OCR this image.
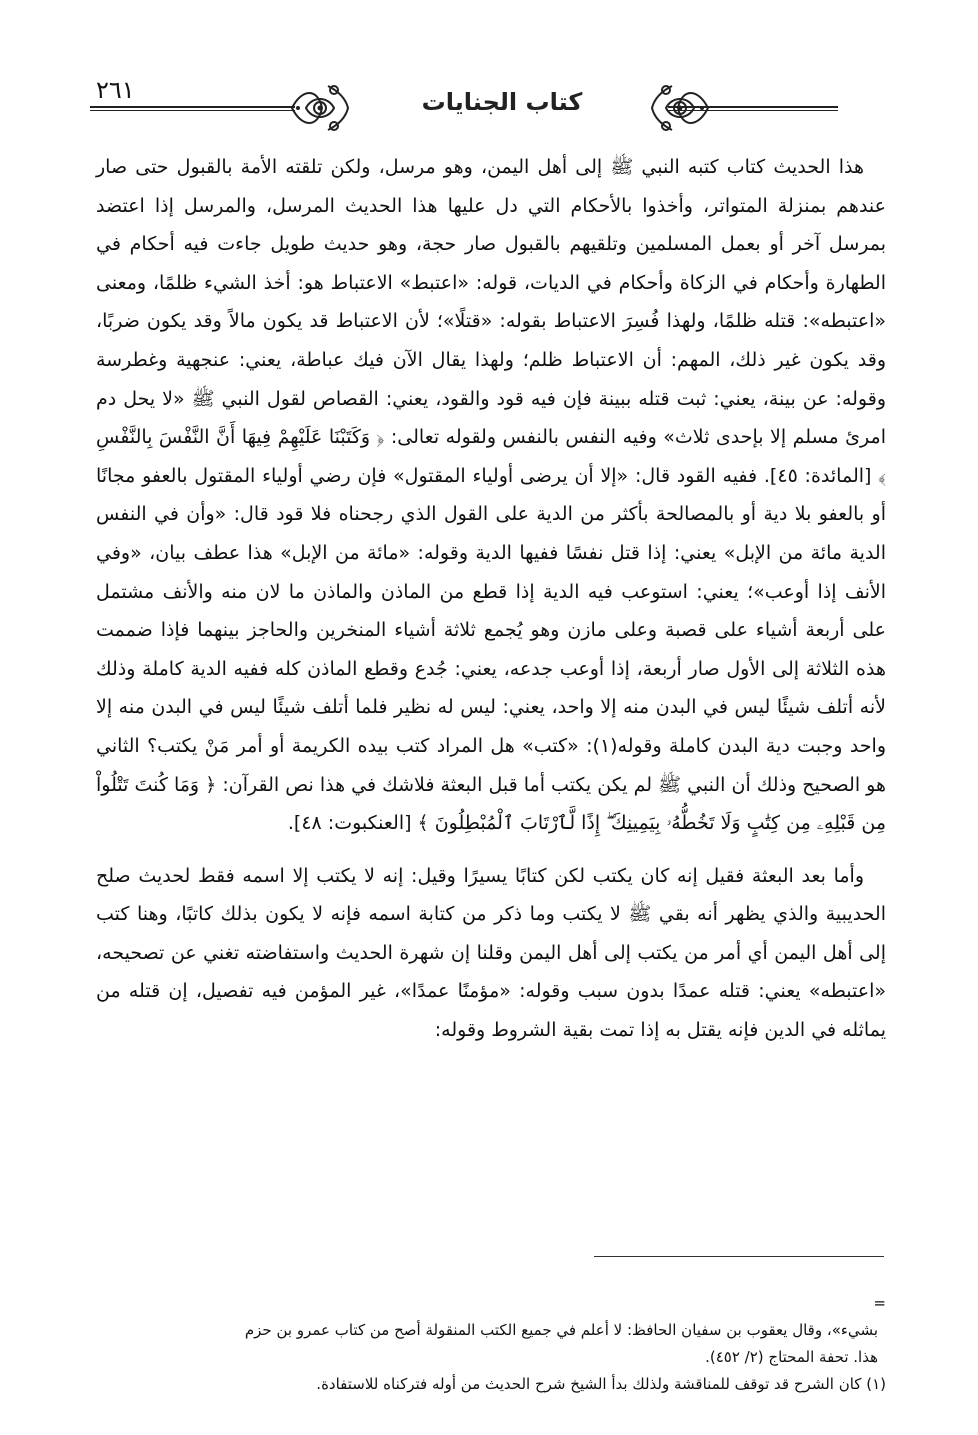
٢٦١	كتاب الجنايات

هذا الحديث كتاب كتبه النبي ﷺ إلى أهل اليمن، وهو مرسل، ولكن تلقته الأمة بالقبول حتى صار عندهم بمنزلة المتواتر، وأخذوا بالأحكام التي دل عليها هذا الحديث المرسل، والمرسل إذا اعتضد بمرسل آخر أو بعمل المسلمين وتلقيهم بالقبول صار حجة، وهو حديث طويل جاءت فيه أحكام في الطهارة وأحكام في الزكاة وأحكام في الديات، قوله: «اعتبط» الاعتباط هو: أخذ الشيء ظلمًا، ومعنى «اعتبطه»: قتله ظلمًا، ولهذا فُسِرَ الاعتباط بقوله: «قتلًا»؛ لأن الاعتباط قد يكون مالاً وقد يكون ضربًا، وقد يكون غير ذلك، المهم: أن الاعتباط ظلم؛ ولهذا يقال الآن فيك عباطة، يعني: عنجهية وغطرسة وقوله: عن بينة، يعني: ثبت قتله ببينة فإن فيه قود والقود، يعني: القصاص لقول النبي ﷺ «لا يحل دم امرئ مسلم إلا بإحدى ثلاث» وفيه النفس بالنفس ولقوله تعالى: ﴿ وَكَتَبْنَا عَلَيْهِمْ فِيهَا أَنَّ النَّفْسَ بِالنَّفْسِ ﴾ [المائدة: ٤٥]. ففيه القود قال: «إلا أن يرضى أولياء المقتول» فإن رضي أولياء المقتول بالعفو مجانًا أو بالعفو بلا دية أو بالمصالحة بأكثر من الدية على القول الذي رجحناه فلا قود قال: «وأن في النفس الدية مائة من الإبل» يعني: إذا قتل نفسًا ففيها الدية وقوله: «مائة من الإبل» هذا عطف بيان، «وفي الأنف إذا أوعب»؛ يعني: استوعب فيه الدية إذا قطع من الماذن والماذن ما لان منه والأنف مشتمل على أربعة أشياء على قصبة وعلى مازن وهو يُجمع ثلاثة أشياء المنخرين والحاجز بينهما فإذا ضممت هذه الثلاثة إلى الأول صار أربعة، إذا أوعب جدعه، يعني: جُدع وقطع الماذن كله ففيه الدية كاملة وذلك لأنه أتلف شيئًا ليس في البدن منه إلا واحد، يعني: ليس له نظير فلما أتلف شيئًا ليس في البدن منه إلا واحد وجبت دية البدن كاملة وقوله(١): «كتب» هل المراد كتب بيده الكريمة أو أمر مَنْ يكتب؟ الثاني هو الصحيح وذلك أن النبي ﷺ لم يكن يكتب أما قبل البعثة فلاشك في هذا نص القرآن: ﴿ وَمَا كُنتَ تَتْلُواْ مِن قَبْلِهِۦ مِن كِتَٰبٍ وَلَا تَخُطُّهُۥ بِيَمِينِكَ ۖ إِذًا لَّٱرْتَابَ ٱلْمُبْطِلُونَ ﴾ [العنكبوت: ٤٨].

وأما بعد البعثة فقيل إنه كان يكتب لكن كتابًا يسيرًا وقيل: إنه لا يكتب إلا اسمه فقط لحديث صلح الحديبية والذي يظهر أنه بقي ﷺ لا يكتب وما ذكر من كتابة اسمه فإنه لا يكون بذلك كاتبًا، وهنا كتب إلى أهل اليمن أي أمر من يكتب إلى أهل اليمن وقلنا إن شهرة الحديث واستفاضته تغني عن تصحيحه، «اعتبطه» يعني: قتله عمدًا بدون سبب وقوله: «مؤمنًا عمدًا»، غير المؤمن فيه تفصيل، إن قتله من يماثله في الدين فإنه يقتل به إذا تمت بقية الشروط وقوله:

=

بشيء»، وقال يعقوب بن سفيان الحافظ: لا أعلم في جميع الكتب المنقولة أصح من كتاب عمرو بن حزم

هذا. تحفة المحتاج (٢/ ٤٥٢).

(١) كان الشرح قد توقف للمناقشة ولذلك بدأ الشيخ شرح الحديث من أوله فتركناه للاستفادة.
